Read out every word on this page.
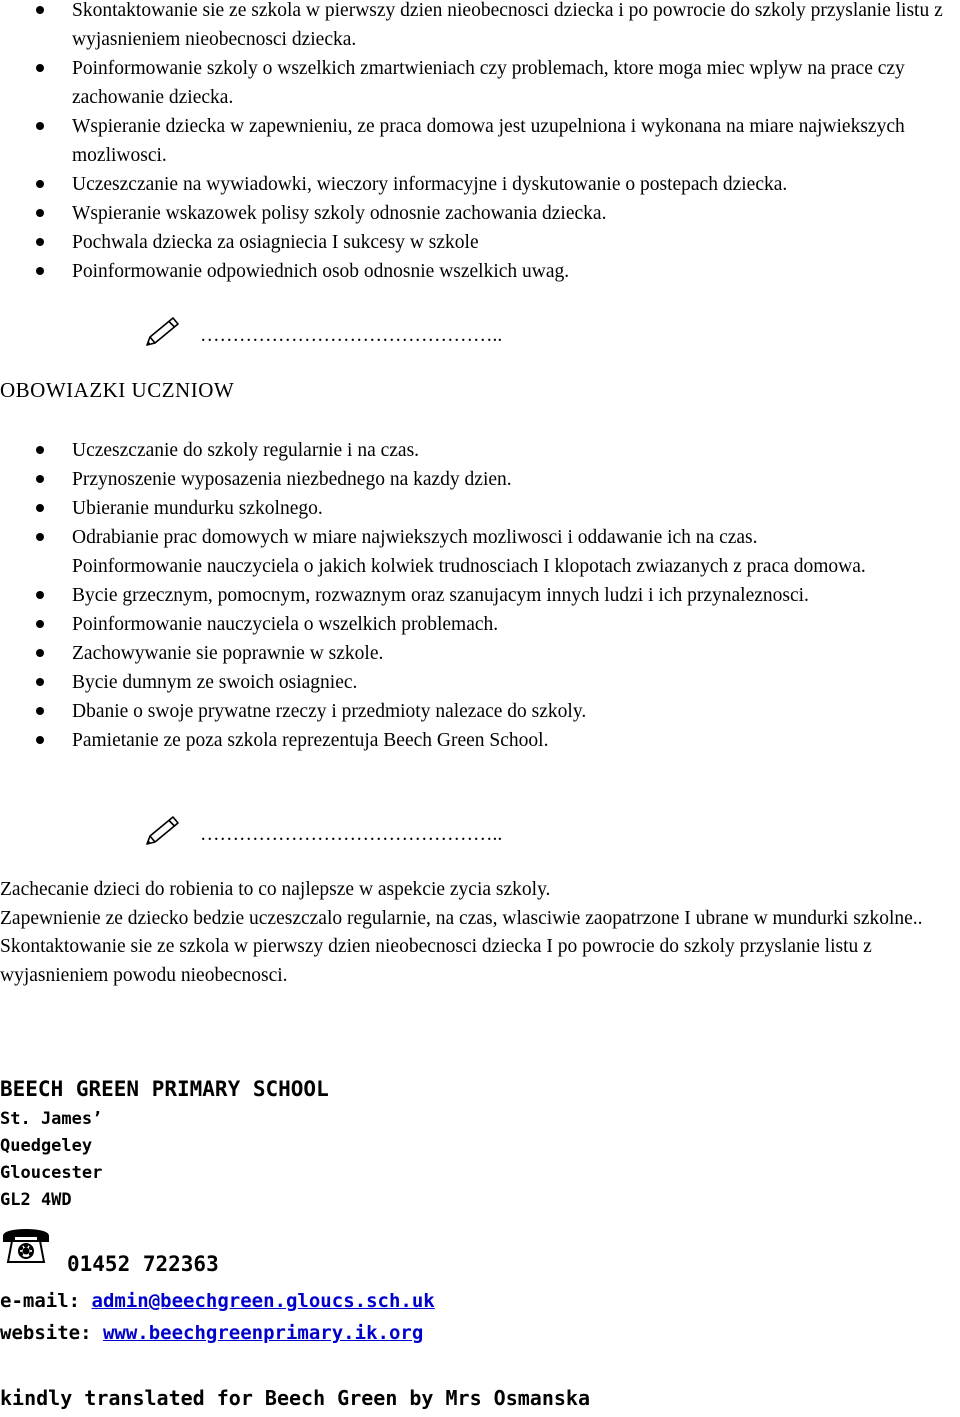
Skontaktowanie sie ze szkola w pierwszy dzien nieobecnosci dziecka i po powrocie do szkoly przyslanie listu z wyjasnieniem nieobecnosci dziecka.
Poinformowanie szkoly o wszelkich zmartwieniach czy problemach, ktore moga miec wplyw na prace czy zachowanie dziecka.
Wspieranie dziecka w zapewnieniu, ze praca domowa jest uzupelniona i wykonana na miare najwiekszych mozliwosci.
Uczeszczanie na wywiadowki, wieczory informacyjne i dyskutowanie o postepach dziecka.
Wspieranie wskazowek polisy szkoly odnosnie zachowania dziecka.
Pochwala dziecka za osiagniecia I sukcesy w szkole
Poinformowanie odpowiednich osob odnosnie wszelkich uwag.
………………………………………..
OBOWIAZKI UCZNIOW
Uczeszczanie do szkoly regularnie i na czas.
Przynoszenie wyposazenia niezbednego na kazdy dzien.
Ubieranie mundurku szkolnego.
Odrabianie prac domowych w miare najwiekszych mozliwosci i oddawanie ich na czas.
Poinformowanie nauczyciela o jakich kolwiek trudnosciach I klopotach zwiazanych z praca domowa.
Bycie grzecznym, pomocnym, rozwaznym oraz szanujacym innych ludzi i ich przynaleznosci.
Poinformowanie nauczyciela o wszelkich problemach.
Zachowywanie sie poprawnie w szkole.
Bycie dumnym ze swoich osiagniec.
Dbanie o swoje prywatne rzeczy i przedmioty nalezace do szkoly.
Pamietanie ze poza szkola reprezentuja Beech Green School.
………………………………………..

Zachecanie dzieci do robienia to co najlepsze w aspekcie zycia szkoly.

Zapewnienie ze dziecko bedzie uczeszczalo regularnie, na czas, wlasciwie zaopatrzone I ubrane w mundurki szkolne..

Skontaktowanie sie ze szkola w pierwszy dzien nieobecnosci dziecka I po powrocie do szkoly przyslanie listu z wyjasnieniem powodu nieobecnosci.

BEECH GREEN PRIMARY SCHOOL
St. James’
Quedgeley
Gloucester
GL2 4WD
01452 722363
e-mail: admin@beechgreen.gloucs.sch.uk
website: www.beechgreenprimary.ik.org
kindly translated for Beech Green by Mrs Osmanska
